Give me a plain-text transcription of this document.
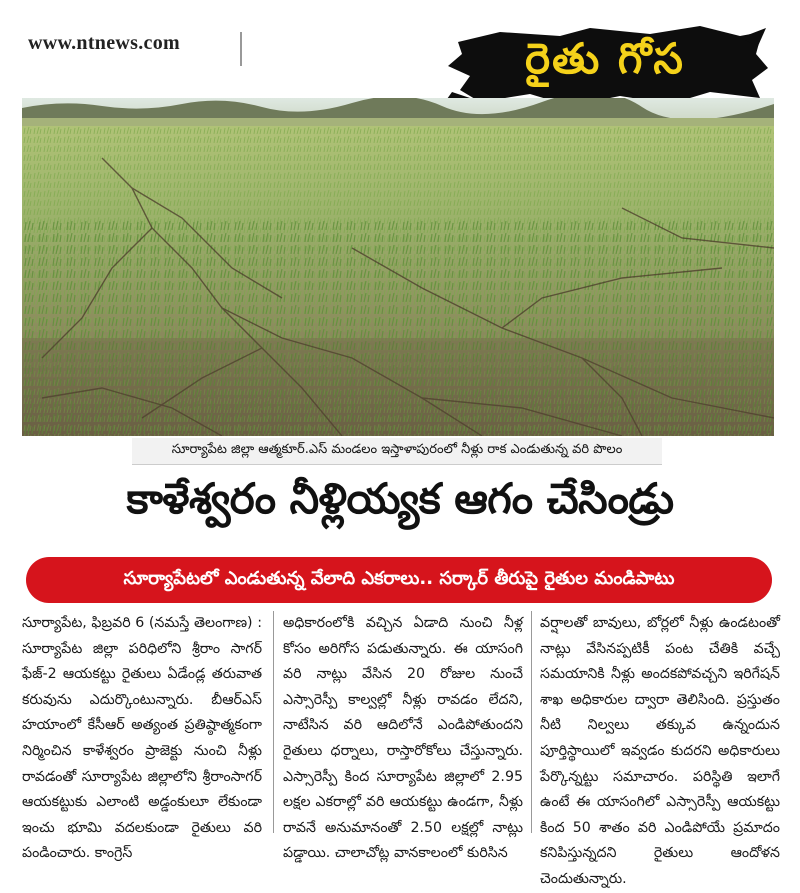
www.ntnews.com	రైతు గోస
సూర్యాపేట జిల్లా ఆత్మకూర్.ఎస్ మండలం ఇస్తాళాపురంలో నీళ్లు రాక ఎండుతున్న వరి పొలం
కాళేశ్వరం నీళ్లియ్యక ఆగం చేసిండ్రు
సూర్యాపేటలో ఎండుతున్న వేలాది ఎకరాలు.. సర్కార్ తీరుపై రైతుల మండిపాటు
సూర్యాపేట, ఫిబ్రవరి 6 (నమస్తే తెలంగాణ) : సూర్యాపేట జిల్లా పరిధిలోని శ్రీరాం సాగర్ ఫేజ్-2 ఆయకట్టు రైతులు ఏడేండ్ల తరువాత కరువును ఎదుర్కొంటున్నారు. బీఆర్ఎస్ హయాంలో కేసీఆర్ అత్యంత ప్రతిష్ఠాత్మకంగా నిర్మించిన కాళేశ్వరం ప్రాజెక్టు నుంచి నీళ్లు రావడంతో సూర్యాపేట జిల్లాలోని శ్రీరాంసాగర్ ఆయకట్టుకు ఎలాంటి అడ్డంకులూ లేకుండా ఇంచు భూమి వదలకుండా రైతులు వరి పండించారు. కాంగ్రెస్
అధికారంలోకి వచ్చిన ఏడాది నుంచి నీళ్ల కోసం అరిగోస పడుతున్నారు. ఈ యాసంగి వరి నాట్లు వేసిన 20 రోజుల నుంచే ఎస్సారెస్పీ కాల్వల్లో నీళ్లు రావడం లేదని, నాటేసిన వరి ఆదిలోనే ఎండిపోతుందని రైతులు ధర్నాలు, రాస్తారోకోలు చేస్తున్నారు. ఎస్సారెస్పీ కింద సూర్యాపేట జిల్లాలో 2.95 లక్షల ఎకరాల్లో వరి ఆయకట్టు ఉండగా, నీళ్లు రావనే అనుమానంతో 2.50 లక్షల్లో నాట్లు పడ్డాయి. చాలాచోట్ల వానకాలంలో కురిసిన
వర్షాలతో బావులు, బోర్లలో నీళ్లు ఉండటంతో నాట్లు వేసినప్పటికీ పంట చేతికి వచ్చే సమయానికి నీళ్లు అందకపోవచ్చని ఇరిగేషన్ శాఖ అధికారుల ద్వారా తెలిసింది. ప్రస్తుతం నీటి నిల్వలు తక్కువ ఉన్నందున పూర్తిస్థాయిలో ఇవ్వడం కుదరని అధికారులు పేర్కొన్నట్టు సమాచారం. పరిస్థితి ఇలాగే ఉంటే ఈ యాసంగిలో ఎస్సారెస్పీ ఆయకట్టు కింద 50 శాతం వరి ఎండిపోయే ప్రమాదం కనిపిస్తున్నదని రైతులు ఆందోళన చెందుతున్నారు.
